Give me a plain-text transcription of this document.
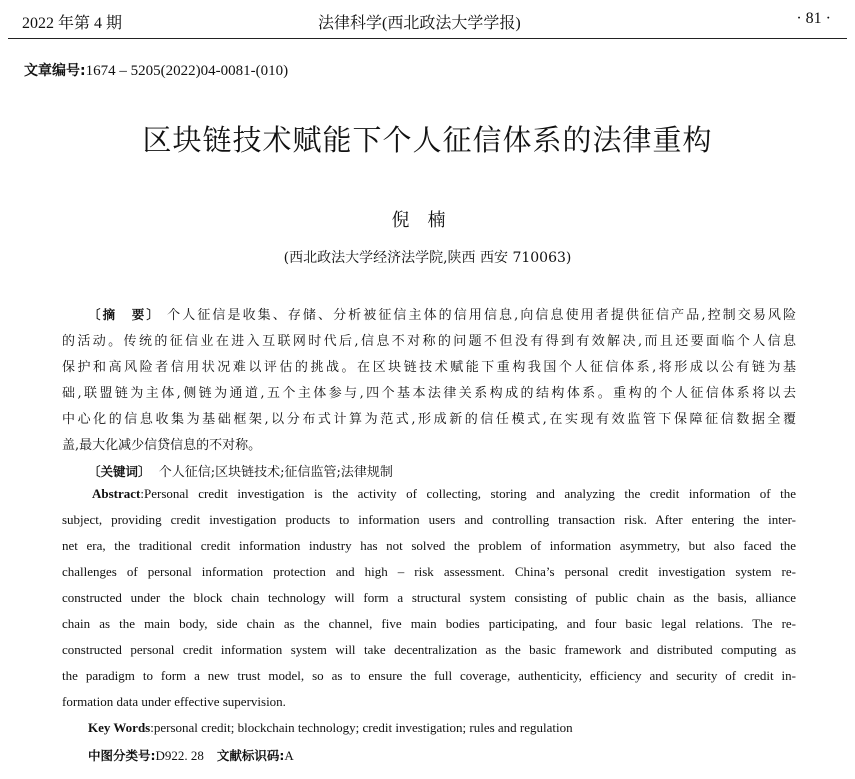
2022 年第 4 期	法律科学(西北政法大学学报)	· 81 ·
文章编号:1674 – 5205(2022)04-0081-(010)
区块链技术赋能下个人征信体系的法律重构
倪楠
(西北政法大学经济法学院,陕西 西安 710063)
〔摘　要〕 个人征信是收集、存储、分析被征信主体的信用信息,向信息使用者提供征信产品,控制交易风险
的活动。传统的征信业在进入互联网时代后,信息不对称的问题不但没有得到有效解决,而且还要面临个人信息
保护和高风险者信用状况难以评估的挑战。在区块链技术赋能下重构我国个人征信体系,将形成以公有链为基
础,联盟链为主体,侧链为通道,五个主体参与,四个基本法律关系构成的结构体系。重构的个人征信体系将以去
中心化的信息收集为基础框架,以分布式计算为范式,形成新的信任模式,在实现有效监管下保障征信数据全覆
盖,最大化减少信贷信息的不对称。
〔关键词〕 个人征信;区块链技术;征信监管;法律规制
Abstract:Personal credit investigation is the activity of collecting, storing and analyzing the credit information of the
subject, providing credit investigation products to information users and controlling transaction risk. After entering the inter-
net era, the traditional credit information industry has not solved the problem of information asymmetry, but also faced the
challenges of personal information protection and high – risk assessment. China’s personal credit investigation system re-
constructed under the block chain technology will form a structural system consisting of public chain as the basis, alliance
chain as the main body, side chain as the channel, five main bodies participating, and four basic legal relations. The re-
constructed personal credit information system will take decentralization as the basic framework and distributed computing as
the paradigm to form a new trust model, so as to ensure the full coverage, authenticity, efficiency and security of credit in-
formation data under effective supervision.
Key Words:personal credit; blockchain technology; credit investigation; rules and regulation
中图分类号:D922. 28 文献标识码:A
